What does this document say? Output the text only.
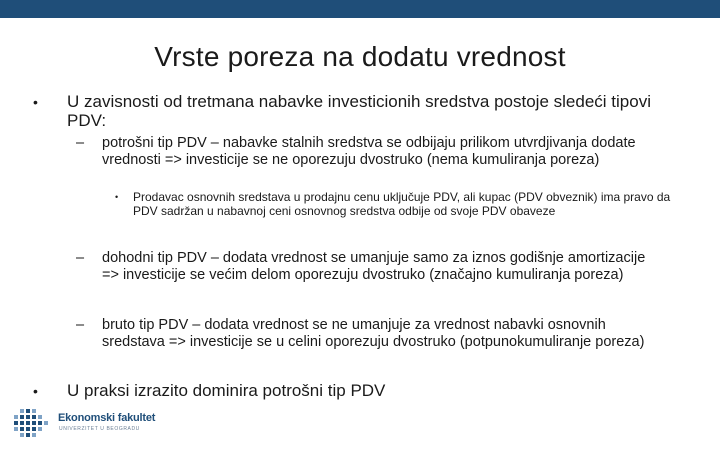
Vrste poreza na dodatu vrednost
• U zavisnosti od tretmana nabavke investicionih sredstva postoje sledeći tipovi PDV:

– potrošni tip PDV – nabavke stalnih sredstva se odbijaju prilikom utvrdjivanja dodate vrednosti => investicije se ne oporezuju dvostruko (nema kumuliranja poreza)

• Prodavac osnovnih sredstava u prodajnu cenu uključuje PDV, ali kupac (PDV obveznik) ima pravo da PDV sadržan u nabavnoj ceni osnovnog sredstva odbije od svoje PDV obaveze

– dohodni tip PDV – dodata vrednost se umanjuje samo za iznos godišnje amortizacije => investicije se većim delom oporezuju dvostruko (značajno kumuliranja poreza)

– bruto tip PDV – dodata vrednost se ne umanjuje za vrednost nabavki osnovnih sredstava => investicije se u celini oporezuju dvostruko (potpunokumuliranje poreza)

• U praksi izrazito dominira potrošni tip PDV

Ekonomski fakultet
UNIVERZITET U BEOGRADU
